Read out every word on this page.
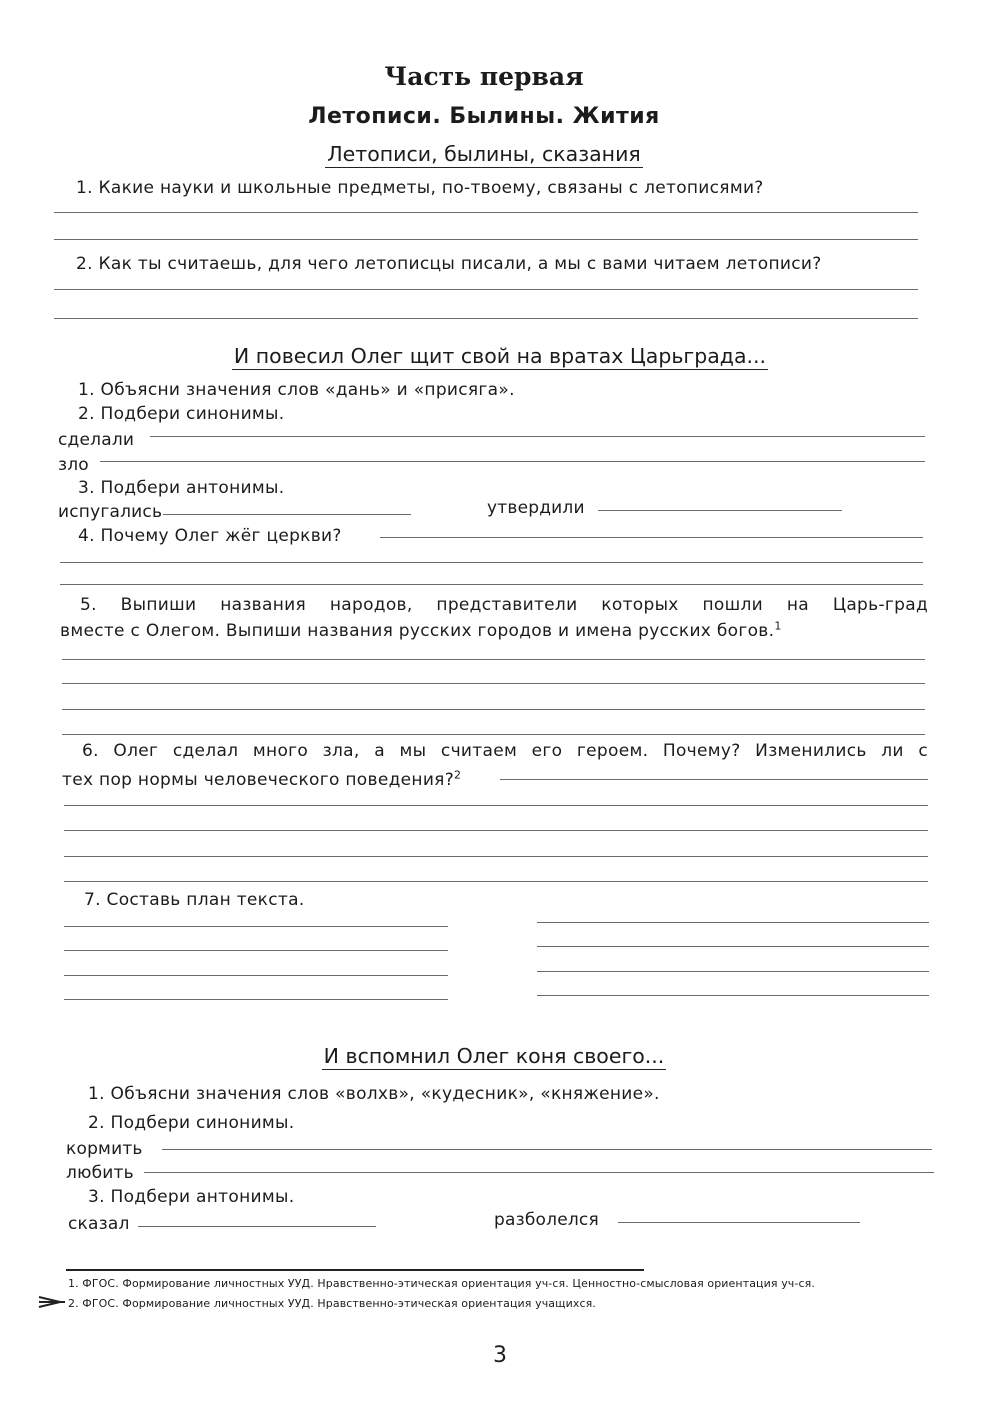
Часть первая
Летописи. Былины. Жития
Летописи, былины, сказания
1. Какие науки и школьные предметы, по-твоему, связаны с летописями?
2. Как ты считаешь, для чего летописцы писали, а мы с вами читаем летописи?
И повесил Олег щит свой на вратах Царьграда...
1. Объясни значения слов «дань» и «присяга».
2. Подбери синонимы.
сделали
зло
3. Подбери антонимы.
испугались	утвердили
4. Почему Олег жёг церкви?
5. Выпиши названия народов, представители которых пошли на Царь-град
вместе с Олегом. Выпиши названия русских городов и имена русских богов.$^1$
6. Олег сделал много зла, а мы считаем его героем. Почему? Изменились ли с
тех пор нормы человеческого поведения?$^2$
7. Составь план текста.
И вспомнил Олег коня своего...
1. Объясни значения слов «волхв», «кудесник», «княжение».
2. Подбери синонимы.
кормить
любить
3. Подбери антонимы.
сказал	разболелся
1. ФГОС. Формирование личностных УУД. Нравственно-этическая ориентация уч-ся. Ценностно-смысловая ориентация уч-ся.
2. ФГОС. Формирование личностных УУД. Нравственно-этическая ориентация учащихся.
3
